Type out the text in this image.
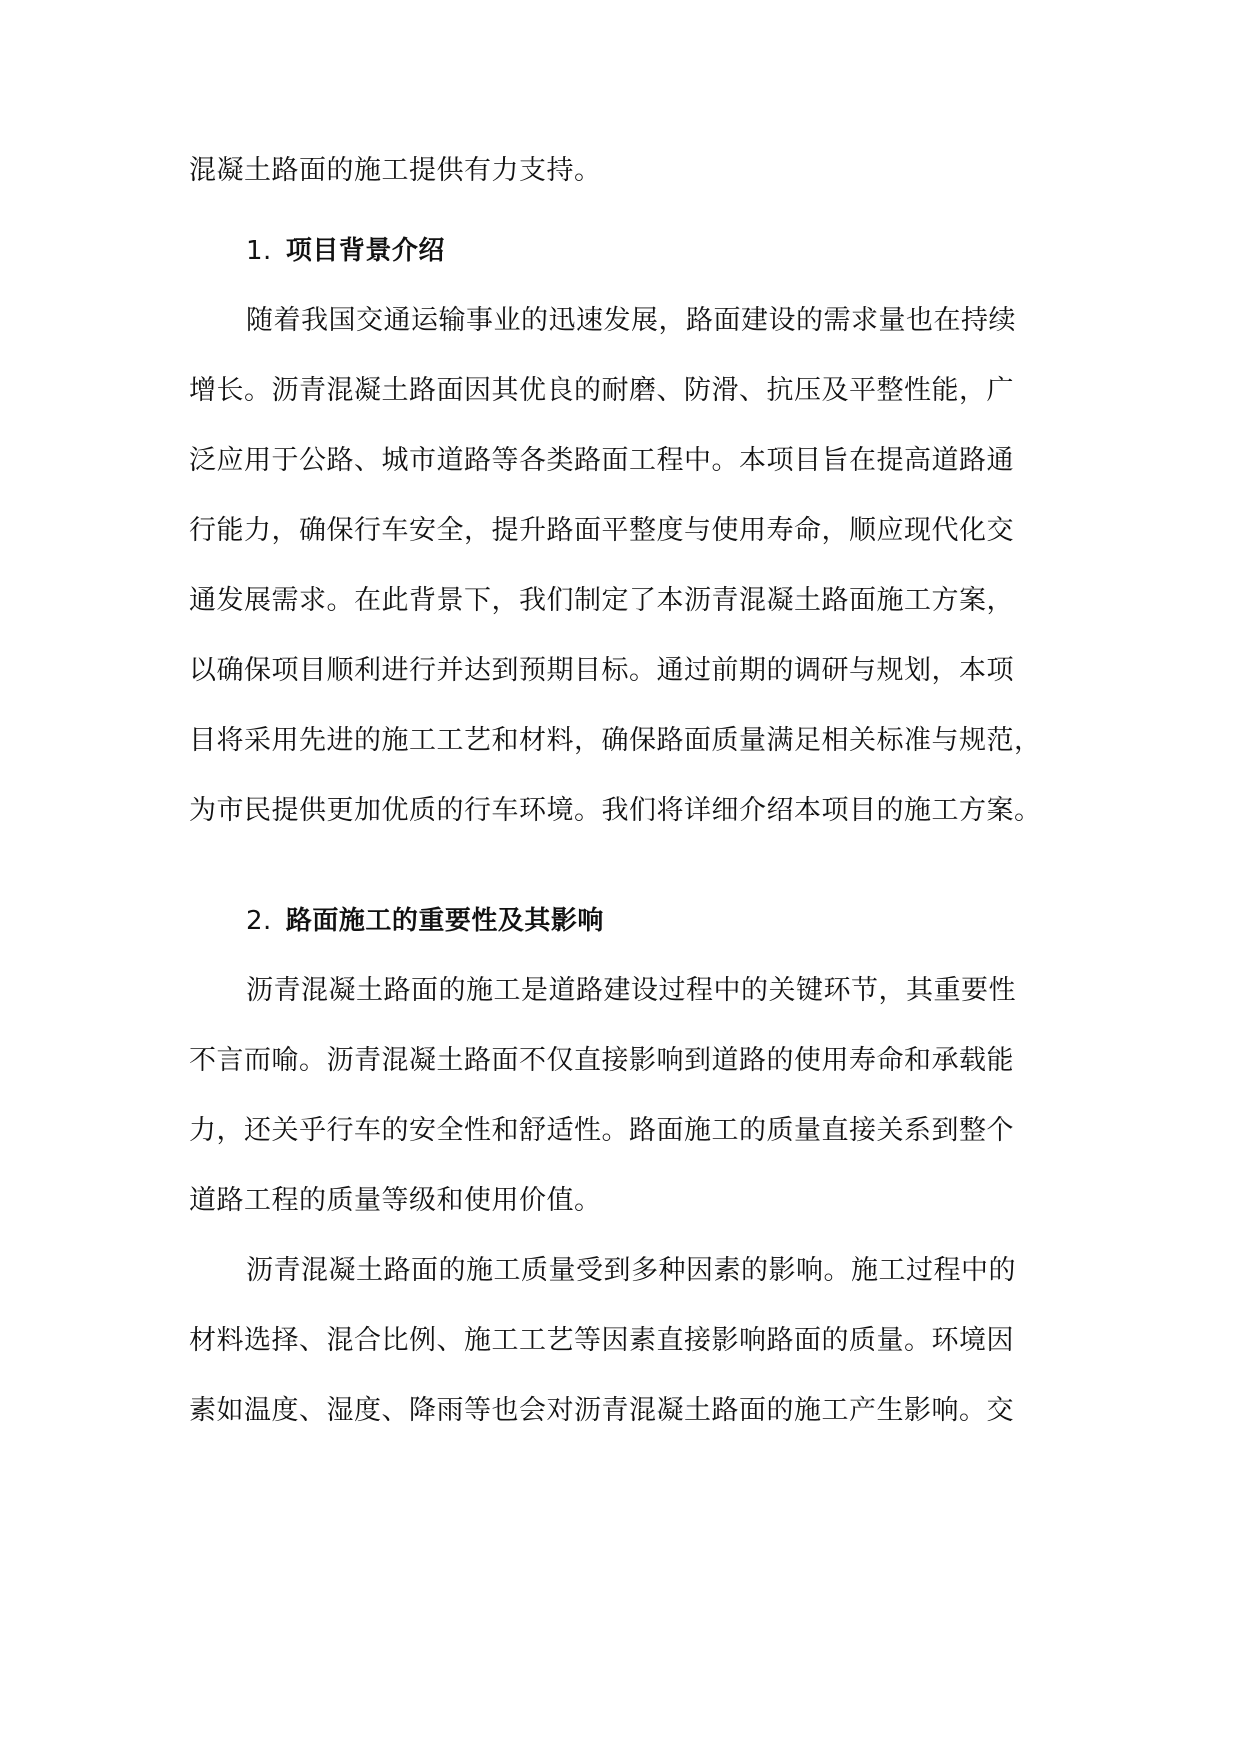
混凝土路面的施工提供有力支持。
1. 项目背景介绍
随着我国交通运输事业的迅速发展，路面建设的需求量也在持续
增长。沥青混凝土路面因其优良的耐磨、防滑、抗压及平整性能，广
泛应用于公路、城市道路等各类路面工程中。本项目旨在提高道路通
行能力，确保行车安全，提升路面平整度与使用寿命，顺应现代化交
通发展需求。在此背景下，我们制定了本沥青混凝土路面施工方案，
以确保项目顺利进行并达到预期目标。通过前期的调研与规划，本项
目将采用先进的施工工艺和材料，确保路面质量满足相关标准与规范，
为市民提供更加优质的行车环境。我们将详细介绍本项目的施工方案。
2. 路面施工的重要性及其影响
沥青混凝土路面的施工是道路建设过程中的关键环节，其重要性
不言而喻。沥青混凝土路面不仅直接影响到道路的使用寿命和承载能
力，还关乎行车的安全性和舒适性。路面施工的质量直接关系到整个
道路工程的质量等级和使用价值。
沥青混凝土路面的施工质量受到多种因素的影响。施工过程中的
材料选择、混合比例、施工工艺等因素直接影响路面的质量。环境因
素如温度、湿度、降雨等也会对沥青混凝土路面的施工产生影响。交
